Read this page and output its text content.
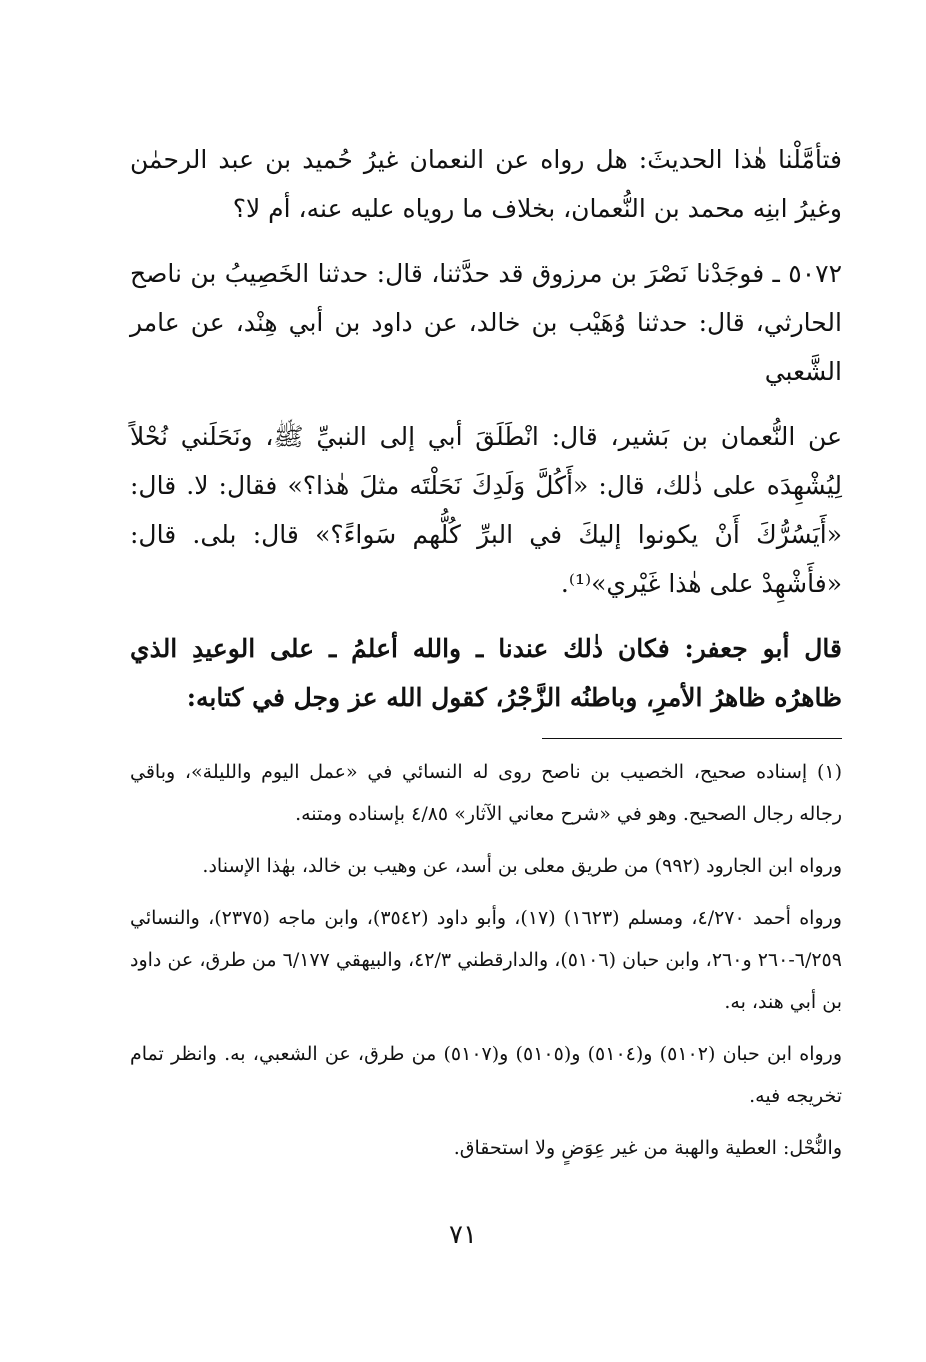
فتأمَّلْنا هٰذا الحديثَ: هل رواه عن النعمان غيرُ حُميد بن عبد الرحمٰن وغيرُ ابنِه محمد بن النُّعمان، بخلاف ما روياه عليه عنه، أم لا؟

٥٠٧٢ ـ فوجَدْنا نَصْرَ بن مرزوق قد حدَّثنا، قال: حدثنا الخَصِيبُ بن ناصح الحارثي، قال: حدثنا وُهَيْب بن خالد، عن داود بن أبي هِنْد، عن عامر الشَّعبي

عن النُّعمان بن بَشير، قال: انْطَلَقَ أبي إلى النبيِّ ﷺ، ونَحَلَني نُحْلاً لِيُشْهِدَه على ذٰلك، قال: «أَكُلَّ وَلَدِكَ نَحَلْتَه مثلَ هٰذا؟» فقال: لا. قال: «أَيَسُرُّكَ أَنْ يكونوا إليكَ في البرِّ كُلُّهم سَواءً؟» قال: بلى. قال: «فأَشْهِدْ على هٰذا غَيْري»⁽¹⁾.

قال أبو جعفر: فكان ذٰلك عندنا ـ والله أعلمُ ـ على الوعيدِ الذي ظاهرُه ظاهرُ الأمرِ، وباطنُه الزَّجْرُ، كقول الله عز وجل في كتابه:

(١) إسناده صحيح، الخصيب بن ناصح روى له النسائي في «عمل اليوم والليلة»، وباقي رجاله رجال الصحيح. وهو في «شرح معاني الآثار» ٤/٨٥ بإسناده ومتنه.

ورواه ابن الجارود (٩٩٢) من طريق معلى بن أسد، عن وهيب بن خالد، بهٰذا الإسناد.

ورواه أحمد ٤/٢٧٠، ومسلم (١٦٢٣) (١٧)، وأبو داود (٣٥٤٢)، وابن ماجه (٢٣٧٥)، والنسائي ٦/٢٥٩-٢٦٠ و٢٦٠، وابن حبان (٥١٠٦)، والدارقطني ٤٢/٣، والبيهقي ٦/١٧٧ من طرق، عن داود بن أبي هند، به.

ورواه ابن حبان (٥١٠٢) و(٥١٠٤) و(٥١٠٥) و(٥١٠٧) من طرق، عن الشعبي، به. وانظر تمام تخريجه فيه.

والنُّحْل: العطية والهبة من غير عِوَضٍ ولا استحقاق.

٧١
